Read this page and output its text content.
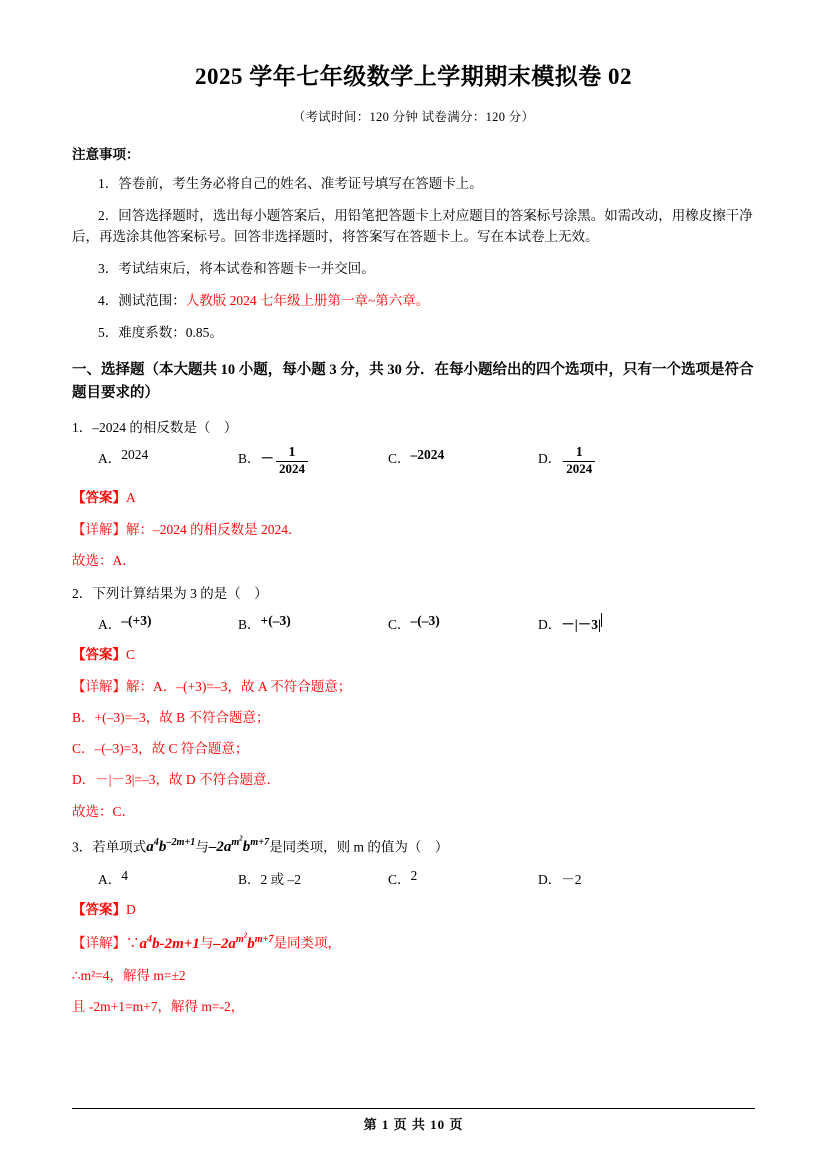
2025 学年七年级数学上学期期末模拟卷 02
（考试时间：120 分钟 试卷满分：120 分）
注意事项：
1．答卷前，考生务必将自己的姓名、准考证号填写在答题卡上。
2．回答选择题时，选出每小题答案后，用铅笔把答题卡上对应题目的答案标号涂黑。如需改动，用橡皮擦干净后，再选涂其他答案标号。回答非选择题时，将答案写在答题卡上。写在本试卷上无效。
3．考试结束后，将本试卷和答题卡一并交回。
4．测试范围：人教版 2024 七年级上册第一章~第六章。
5．难度系数：0.85。
一、选择题（本大题共 10 小题，每小题 3 分，共 30 分．在每小题给出的四个选项中，只有一个选项是符合题目要求的）
1．–2024 的相反数是（ ）
A． 2024	B． － $\frac{1}{2024}$	C． –2024	D． $\frac{1}{2024}$
【答案】A
【详解】解：–2024 的相反数是 2024．
故选：A．
2．下列计算结果为 3 的是（ ）
A． –(+3)	B． +(–3)	C． –(–3)	D． －|－3|
【答案】C
【详解】解：A．–(+3)=–3，故 A 不符合题意；
B．+(–3)=–3，故 B 不符合题意；
C．–(–3)=3，故 C 符合题意；
D．－|－3|=–3，故 D 不符合题意．
故选：C．
3．若单项式$a^4b^{-2m+1}$与$-2a^{m^2}b^{m+7}$是同类项，则 m 的值为（ ）
A． 4	B． 2 或 –2	C． 2	D． －2
【答案】D
【详解】$\because a^4b-2m+1$与$-2a^{m^2}b^{m+7}$是同类项，
∴m²=4，解得 m=±2
且 -2m+1=m+7，解得 m=-2，
第 1 页 共 10 页
